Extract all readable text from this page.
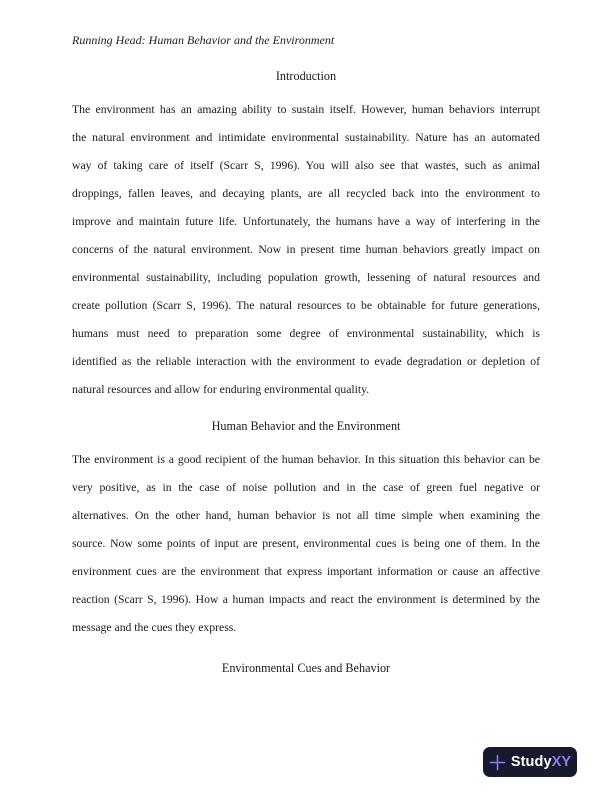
Running Head: Human Behavior and the Environment
Introduction
The environment has an amazing ability to sustain itself. However, human behaviors interrupt
the natural environment and intimidate environmental sustainability. Nature has an automated
way of taking care of itself (Scarr S, 1996). You will also see that wastes, such as animal
droppings, fallen leaves, and decaying plants, are all recycled back into the environment to
improve and maintain future life. Unfortunately, the humans have a way of interfering in the
concerns of the natural environment. Now in present time human behaviors greatly impact on
environmental sustainability, including population growth, lessening of natural resources and
create pollution (Scarr S, 1996). The natural resources to be obtainable for future generations,
humans must need to preparation some degree of environmental sustainability, which is
identified as the reliable interaction with the environment to evade degradation or depletion of
natural resources and allow for enduring environmental quality.
Human Behavior and the Environment
The environment is a good recipient of the human behavior. In this situation this behavior can be
very positive, as in the case of noise pollution and in the case of green fuel negative or
alternatives. On the other hand, human behavior is not all time simple when examining the
source. Now some points of input are present, environmental cues is being one of them. In the
environment cues are the environment that express important information or cause an affective
reaction (Scarr S, 1996). How a human impacts and react the environment is determined by the
message and the cues they express.
Environmental Cues and Behavior
StudyXY
